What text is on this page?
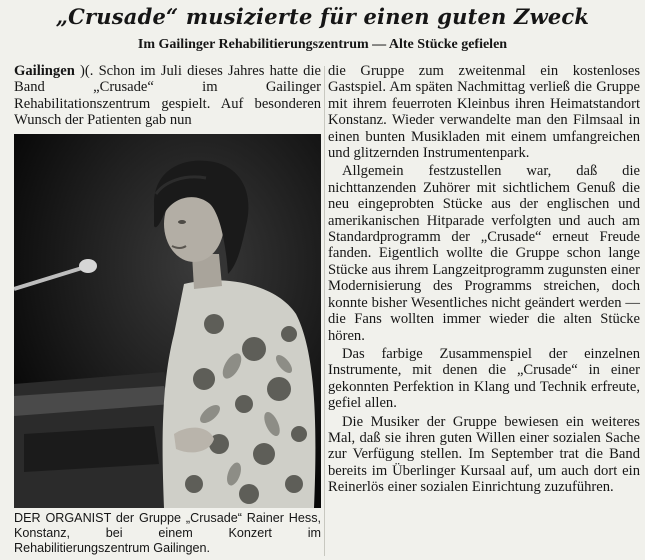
„Crusade“ musizierte für einen guten Zweck
Im Gailinger Rehabilitierungszentrum — Alte Stücke gefielen

Gailingen )(. Schon im Juli dieses Jahres hatte die Band „Crusade“ im Gailinger Rehabilitationszentrum gespielt. Auf besonderen Wunsch der Patienten gab nun

DER ORGANIST der Gruppe „Crusade“ Rainer Hess, Konstanz, bei einem Konzert im Rehabilitierungszentrum Gailingen.

die Gruppe zum zweitenmal ein kostenloses Gastspiel. Am späten Nachmittag verließ die Gruppe mit ihrem feuerroten Kleinbus ihren Heimatstandort Konstanz. Wieder verwandelte man den Filmsaal in einen bunten Musikladen mit einem umfangreichen und glitzernden Instrumentenpark.

Allgemein festzustellen war, daß die nichttanzenden Zuhörer mit sichtlichem Genuß die neu eingeprobten Stücke aus der englischen und amerikanischen Hitparade verfolgten und auch am Standardprogramm der „Crusade“ erneut Freude fanden. Eigentlich wollte die Gruppe schon lange Stücke aus ihrem Langzeitprogramm zugunsten einer Modernisierung des Programms streichen, doch konnte bisher Wesentliches nicht geändert werden — die Fans wollten immer wieder die alten Stücke hören.

Das farbige Zusammenspiel der einzelnen Instrumente, mit denen die „Crusade“ in einer gekonnten Perfektion in Klang und Technik erfreute, gefiel allen.

Die Musiker der Gruppe bewiesen ein weiteres Mal, daß sie ihren guten Willen einer sozialen Sache zur Verfügung stellen. Im September trat die Band bereits im Überlinger Kursaal auf, um auch dort ein Reinerlös einer sozialen Einrichtung zuzuführen.
